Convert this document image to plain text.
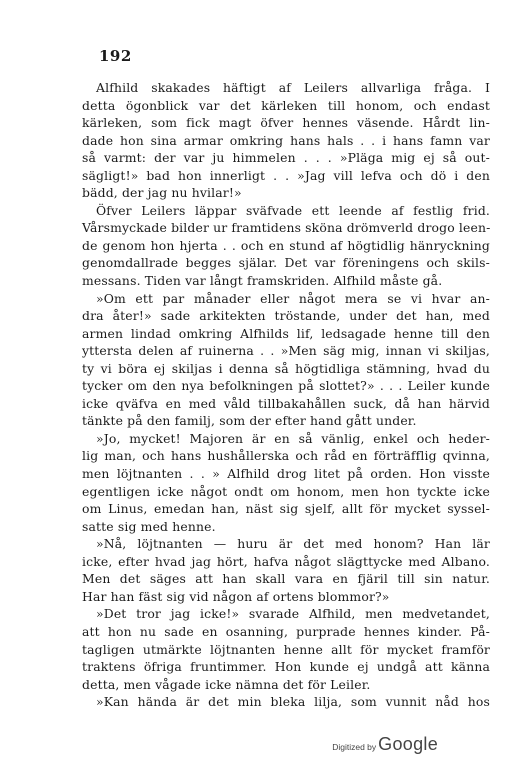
192
Alfhild skakades häftigt af Leilers allvarliga fråga. I
detta ögonblick var det kärleken till honom, och endast
kärleken, som fick magt öfver hennes väsende. Hårdt lin-
dade hon sina armar omkring hans hals . . i hans famn var
så varmt: der var ju himmelen . . . »Pläga mig ej så out-
sägligt!» bad hon innerligt . . »Jag vill lefva och dö i den
bädd, der jag nu hvilar!»
Öfver Leilers läppar sväfvade ett leende af festlig frid.
Vårsmyckade bilder ur framtidens sköna drömverld drogo leen-
de genom hon hjerta . . och en stund af högtidlig hänryckning
genomdallrade begges själar. Det var föreningens och skils-
messans. Tiden var långt framskriden. Alfhild måste gå.
»Om ett par månader eller något mera se vi hvar an-
dra åter!» sade arkitekten tröstande, under det han, med
armen lindad omkring Alfhilds lif, ledsagade henne till den
yttersta delen af ruinerna . . »Men säg mig, innan vi skiljas,
ty vi böra ej skiljas i denna så högtidliga stämning, hvad du
tycker om den nya befolkningen på slottet?» . . . Leiler kunde
icke qväfva en med våld tillbakahållen suck, då han härvid
tänkte på den familj, som der efter hand gått under.
»Jo, mycket! Majoren är en så vänlig, enkel och heder-
lig man, och hans hushållerska och råd en förträfflig qvinna,
men löjtnanten . . » Alfhild drog litet på orden. Hon visste
egentligen icke något ondt om honom, men hon tyckte icke
om Linus, emedan han, näst sig sjelf, allt för mycket syssel-
satte sig med henne.
»Nå, löjtnanten — huru är det med honom? Han lär
icke, efter hvad jag hört, hafva något slägttycke med Albano.
Men det säges att han skall vara en fjäril till sin natur.
Har han fäst sig vid någon af ortens blommor?»
»Det tror jag icke!» svarade Alfhild, men medvetandet,
att hon nu sade en osanning, purprade hennes kinder. På-
tagligen utmärkte löjtnanten henne allt för mycket framför
traktens öfriga fruntimmer. Hon kunde ej undgå att känna
detta, men vågade icke nämna det för Leiler.
»Kan hända är det min bleka lilja, som vunnit nåd hos
Digitized by Google
